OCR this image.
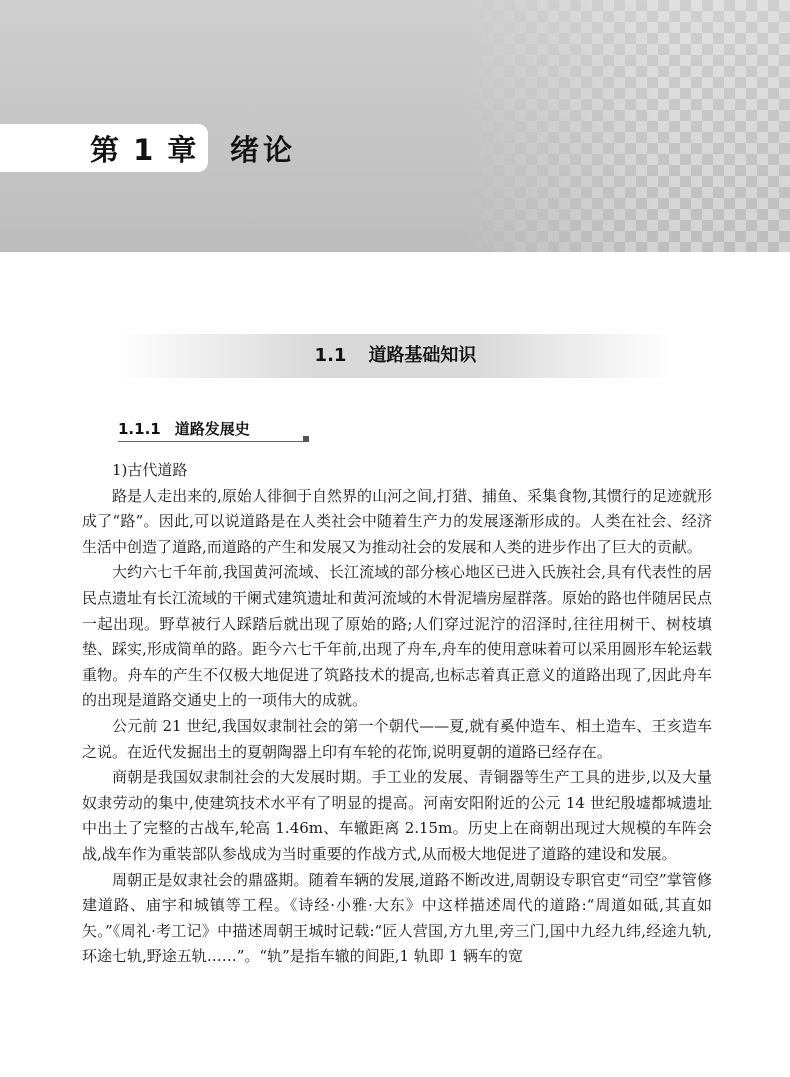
第 1 章 绪论
1.1 道路基础知识
1.1.1 道路发展史

1)古代道路

路是人走出来的,原始人徘徊于自然界的山河之间,打猎、捕鱼、采集食物,其惯行的足迹就形成了“路”。因此,可以说道路是在人类社会中随着生产力的发展逐渐形成的。人类在社会、经济生活中创造了道路,而道路的产生和发展又为推动社会的发展和人类的进步作出了巨大的贡献。

大约六七千年前,我国黄河流域、长江流域的部分核心地区已进入氏族社会,具有代表性的居民点遗址有长江流域的干阑式建筑遗址和黄河流域的木骨泥墙房屋群落。原始的路也伴随居民点一起出现。野草被行人踩踏后就出现了原始的路;人们穿过泥泞的沼泽时,往往用树干、树枝填垫、踩实,形成简单的路。距今六七千年前,出现了舟车,舟车的使用意味着可以采用圆形车轮运载重物。舟车的产生不仅极大地促进了筑路技术的提高,也标志着真正意义的道路出现了,因此舟车的出现是道路交通史上的一项伟大的成就。

公元前 21 世纪,我国奴隶制社会的第一个朝代——夏,就有奚仲造车、相土造车、王亥造车之说。在近代发掘出土的夏朝陶器上印有车轮的花饰,说明夏朝的道路已经存在。

商朝是我国奴隶制社会的大发展时期。手工业的发展、青铜器等生产工具的进步,以及大量奴隶劳动的集中,使建筑技术水平有了明显的提高。河南安阳附近的公元 14 世纪殷墟都城遗址中出土了完整的古战车,轮高 1.46m、车辙距离 2.15m。历史上在商朝出现过大规模的车阵会战,战车作为重装部队参战成为当时重要的作战方式,从而极大地促进了道路的建设和发展。

周朝正是奴隶社会的鼎盛期。随着车辆的发展,道路不断改进,周朝设专职官吏“司空”掌管修建道路、庙宇和城镇等工程。《诗经·小雅·大东》中这样描述周代的道路:“周道如砥,其直如矢。”《周礼·考工记》中描述周朝王城时记载:“匠人营国,方九里,旁三门,国中九经九纬,经途九轨,环途七轨,野途五轨……”。“轨”是指车辙的间距,1 轨即 1 辆车的宽
